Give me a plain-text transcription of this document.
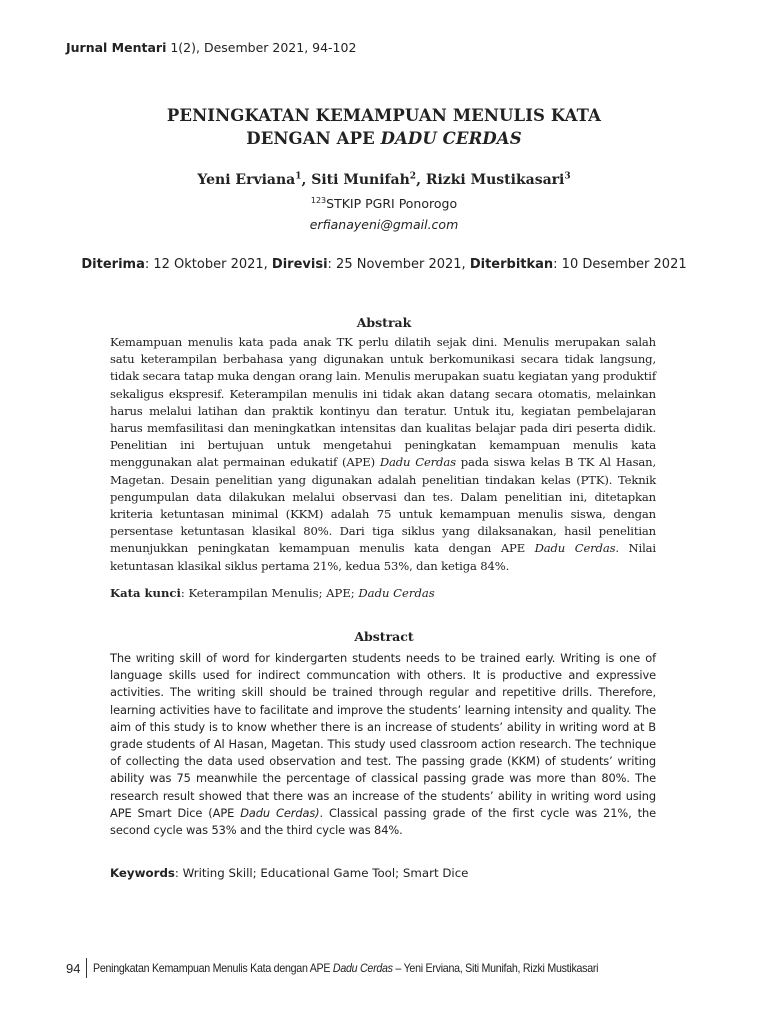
Jurnal Mentari 1(2), Desember 2021, 94-102
PENINGKATAN KEMAMPUAN MENULIS KATA
DENGAN APE DADU CERDAS
Yeni Erviana$^1$, Siti Munifah$^2$, Rizki Mustikasari$^3$
$^{123}$STKIP PGRI Ponorogo
erfianayeni@gmail.com
Diterima: 12 Oktober 2021, Direvisi: 25 November 2021, Diterbitkan: 10 Desember 2021
Abstrak

Kemampuan menulis kata pada anak TK perlu dilatih sejak dini. Menulis merupakan salah satu keterampilan berbahasa yang digunakan untuk berkomunikasi secara tidak langsung, tidak secara tatap muka dengan orang lain. Menulis merupakan suatu kegiatan yang produktif sekaligus ekspresif. Keterampilan menulis ini tidak akan datang secara otomatis, melainkan harus melalui latihan dan praktik kontinyu dan teratur. Untuk itu, kegiatan pembelajaran harus memfasilitasi dan meningkatkan intensitas dan kualitas belajar pada diri peserta didik. Penelitian ini bertujuan untuk mengetahui peningkatan kemampuan menulis kata menggunakan alat permainan edukatif (APE) Dadu Cerdas pada siswa kelas B TK Al Hasan, Magetan. Desain penelitian yang digunakan adalah penelitian tindakan kelas (PTK). Teknik pengumpulan data dilakukan melalui observasi dan tes. Dalam penelitian ini, ditetapkan kriteria ketuntasan minimal (KKM) adalah 75 untuk kemampuan menulis siswa, dengan persentase ketuntasan klasikal 80%. Dari tiga siklus yang dilaksanakan, hasil penelitian menunjukkan peningkatan kemampuan menulis kata dengan APE Dadu Cerdas. Nilai ketuntasan klasikal siklus pertama 21%, kedua 53%, dan ketiga 84%.

Kata kunci: Keterampilan Menulis; APE; Dadu Cerdas
Abstract

The writing skill of word for kindergarten students needs to be trained early. Writing is one of language skills used for indirect communcation with others. It is productive and expressive activities. The writing skill should be trained through regular and repetitive drills. Therefore, learning activities have to facilitate and improve the students’ learning intensity and quality. The aim of this study is to know whether there is an increase of students’ ability in writing word at B grade students of Al Hasan, Magetan. This study used classroom action research. The technique of collecting the data used observation and test. The passing grade (KKM) of students’ writing ability was 75 meanwhile the percentage of classical passing grade was more than 80%. The research result showed that there was an increase of the students’ ability in writing word using APE Smart Dice (APE Dadu Cerdas). Classical passing grade of the first cycle was 21%, the second cycle was 53% and the third cycle was 84%.

Keywords: Writing Skill; Educational Game Tool; Smart Dice
94	Peningkatan Kemampuan Menulis Kata dengan APE Dadu Cerdas – Yeni Erviana, Siti Munifah, Rizki Mustikasari
